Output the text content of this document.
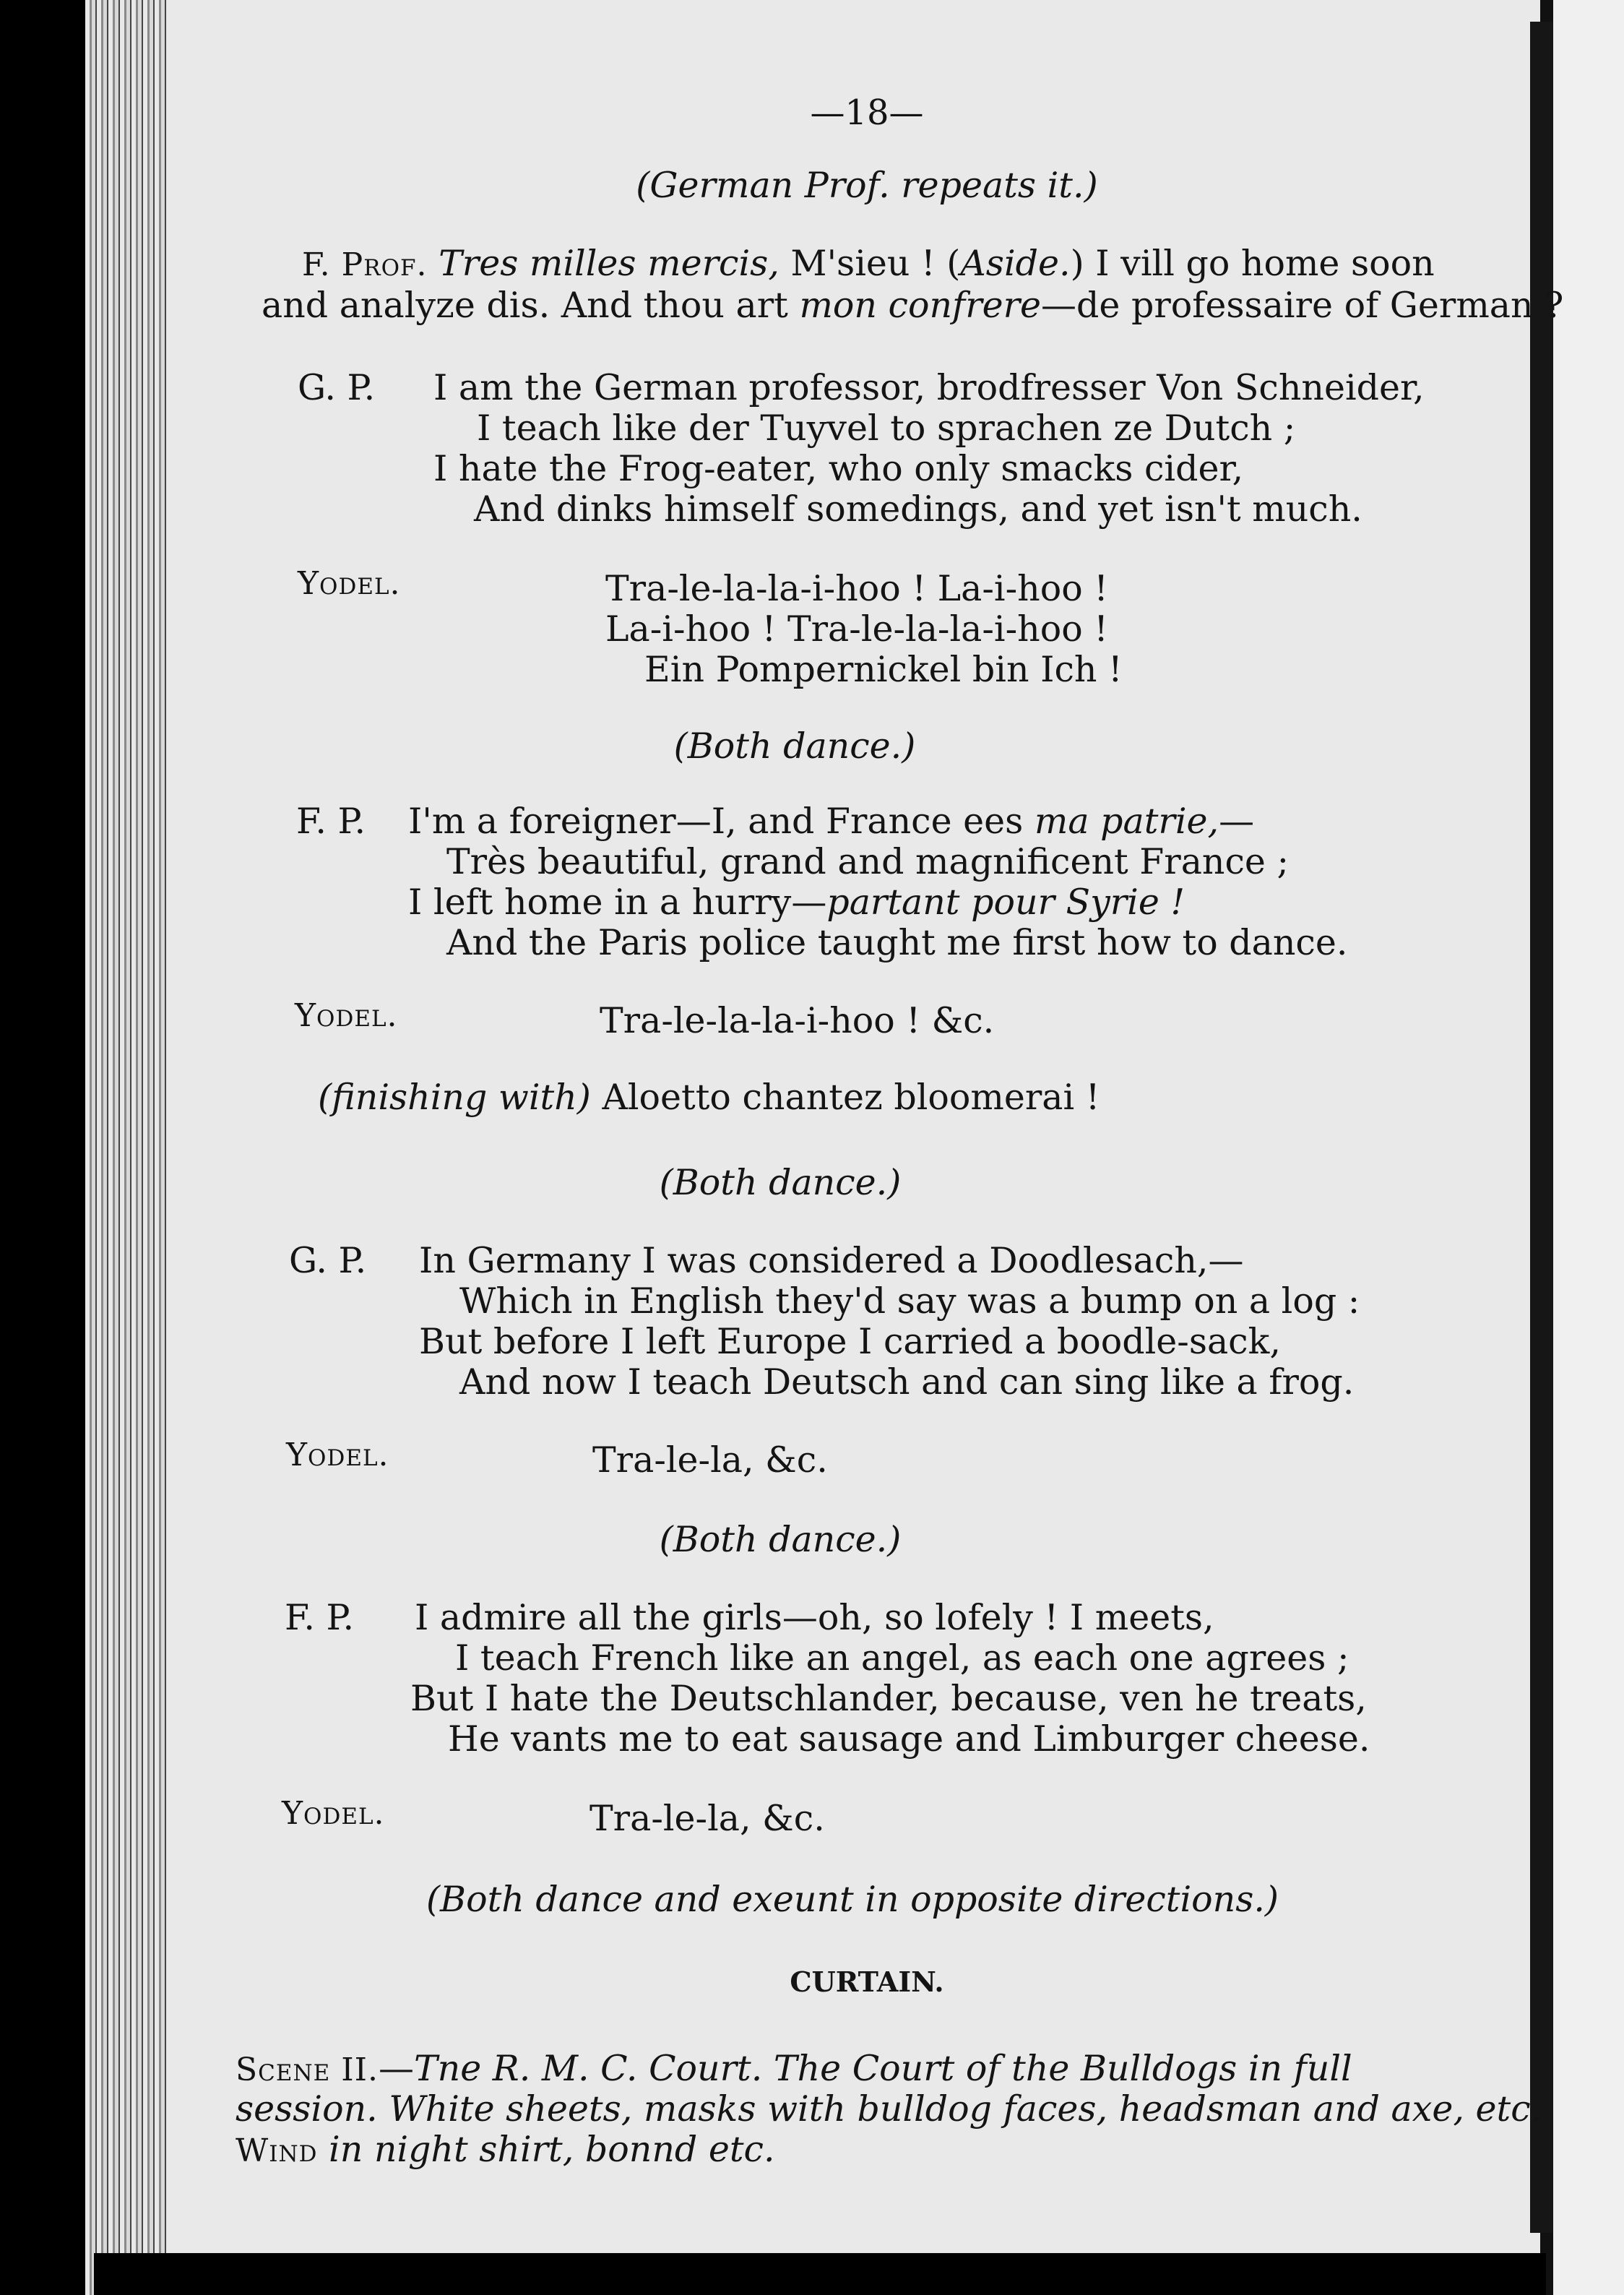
—18—
(German Prof. repeats it.)
F. Prof. Tres milles mercis, M'sieu ! (Aside.) I vill go home soon
and analyze dis. And thou art mon confrere—de professaire of German ?
G. P. I am the German professor, brodfresser Von Schneider,
I teach like der Tuyvel to sprachen ze Dutch ;
I hate the Frog-eater, who only smacks cider,
And dinks himself somedings, and yet isn't much.
Yodel.	Tra-le-la-la-i-hoo ! La-i-hoo !
La-i-hoo ! Tra-le-la-la-i-hoo !
Ein Pompernickel bin Ich !
(Both dance.)
F. P. I'm a foreigner—I, and France ees ma patrie,—
Très beautiful, grand and magnificent France ;
I left home in a hurry—partant pour Syrie !
And the Paris police taught me first how to dance.
Yodel.	Tra-le-la-la-i-hoo ! &c.
(finishing with) Aloetto chantez bloomerai !
(Both dance.)
G. P. In Germany I was considered a Doodlesach,—
Which in English they'd say was a bump on a log :
But before I left Europe I carried a boodle-sack,
And now I teach Deutsch and can sing like a frog.
Yodel.	Tra-le-la, &c.
(Both dance.)
F. P. I admire all the girls—oh, so lofely ! I meets,
I teach French like an angel, as each one agrees ;
But I hate the Deutschlander, because, ven he treats,
He vants me to eat sausage and Limburger cheese.
Yodel.	Tra-le-la, &c.
(Both dance and exeunt in opposite directions.)
CURTAIN.
Scene II.—Tne R. M. C. Court. The Court of the Bulldogs in full
session. White sheets, masks with bulldog faces, headsman and axe, etc.
Wind in night shirt, bonnd etc.
